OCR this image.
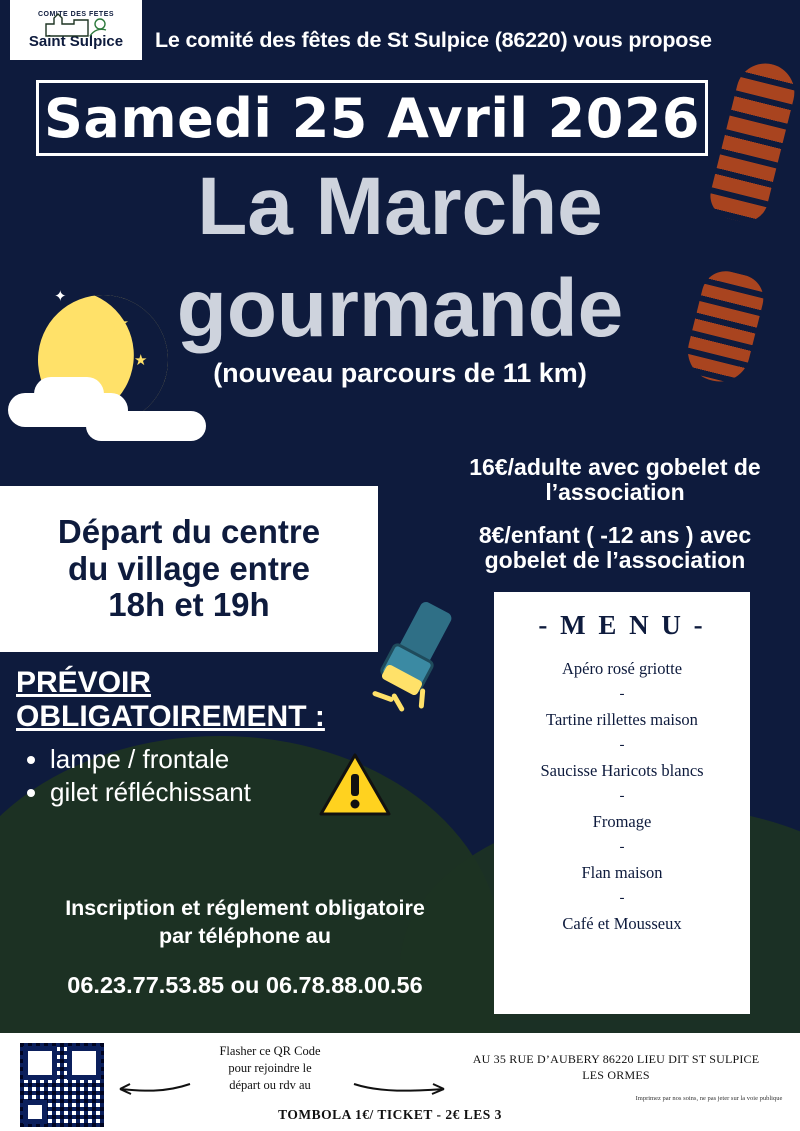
✦
★
★
COMITE DES FETES
Saint Sulpice Le comité des fêtes de St Sulpice (86220) vous propose
Samedi 25 Avril 2026
La Marche
gourmande
(nouveau parcours de 11 km)
Départ du centre
du village entre
18h et 19h
16€/adulte avec gobelet de l’association
8€/enfant ( -12 ans ) avec gobelet de l’association
- M E N U -
Apéro rosé griotte
-
Tartine rillettes maison
-
Saucisse Haricots blancs
-
Fromage
-
Flan maison
-
Café et Mousseux
PRÉVOIR
OBLIGATOIREMENT :
• lampe / frontale
• gilet réfléchissant
Inscription et réglement obligatoire
par téléphone au
06.23.77.53.85 ou 06.78.88.00.56
Flasher ce QR Code
pour rejoindre le
départ ou rdv au
AU 35 RUE D’AUBERY 86220 LIEU DIT ST SULPICE
LES ORMES
TOMBOLA 1€/ TICKET - 2€ LES 3
Imprimez par nos soins, ne pas jeter sur la voie publique
